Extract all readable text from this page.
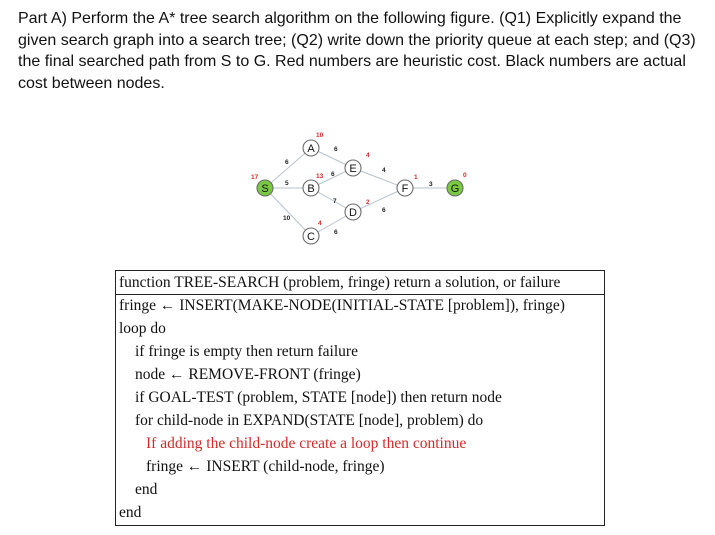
Part A) Perform the A* tree search algorithm on the following figure. (Q1) Explicitly expand the
given search graph into a search tree; (Q2) write down the priority queue at each step; and (Q3)
the final searched path from S to G. Red numbers are heuristic cost. Black numbers are actual
cost between nodes.
6
5
10
6
6
7
6
4
6
3
S
17
A
10
B
13
C
4
E
4
D
2
F
1
G
0
function TREE-SEARCH (problem, fringe) return a solution, or failure
fringe ← INSERT(MAKE-NODE(INITIAL-STATE [problem]), fringe)
loop do
if fringe is empty then return failure
node ← REMOVE-FRONT (fringe)
if GOAL-TEST (problem, STATE [node]) then return node
for child-node in EXPAND(STATE [node], problem) do
If adding the child-node create a loop then continue
fringe ← INSERT (child-node, fringe)
end
end
